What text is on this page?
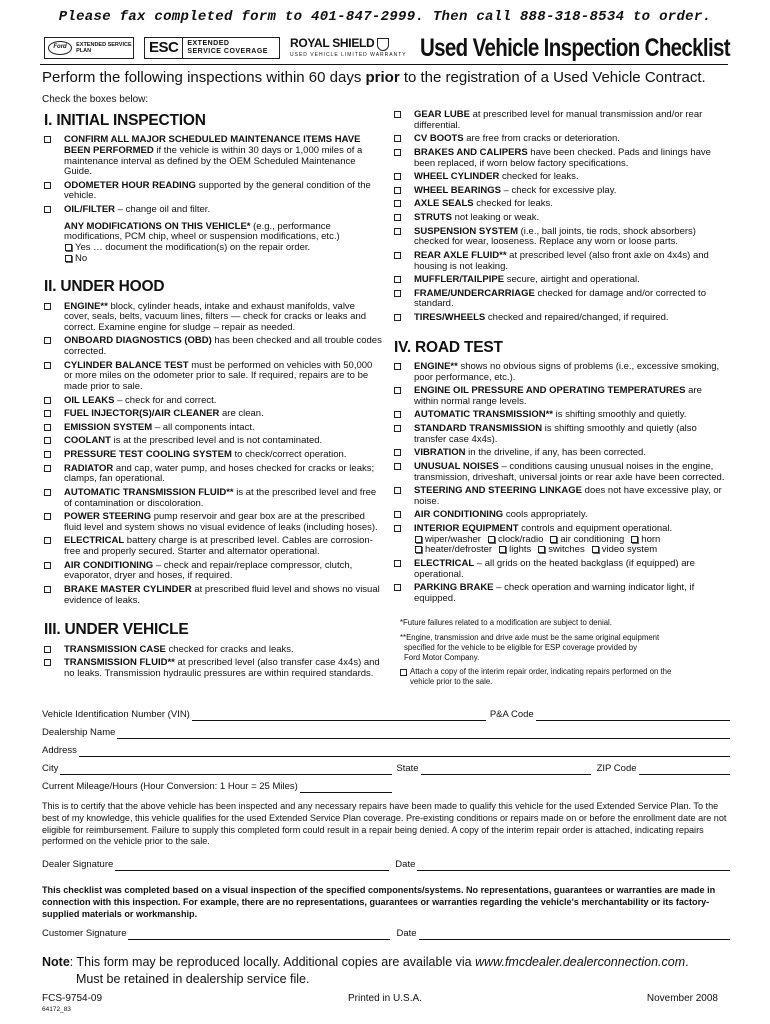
Please fax completed form to 401-847-2999. Then call 888-318-8534 to order.
Ford	EXTENDED SERVICE PLAN	ESC	EXTENDED
SERVICE COVERAGE
ROYAL SHIELD
USED VEHICLE LIMITED WARRANTY Used Vehicle Inspection Checklist
Perform the following inspections within 60 days prior to the registration of a Used Vehicle Contract.
Check the boxes below:
I. INITIAL INSPECTION
CONFIRM ALL MAJOR SCHEDULED MAINTENANCE ITEMS HAVE BEEN PERFORMED if the vehicle is within 30 days or 1,000 miles of a maintenance interval as defined by the OEM Scheduled Maintenance Guide.
ODOMETER HOUR READING supported by the general condition of the vehicle.
OIL/FILTER – change oil and filter.
ANY MODIFICATIONS ON THIS VEHICLE* (e.g., performance modifications, PCM chip, wheel or suspension modifications, etc.)
Yes … document the modification(s) on the repair order.
No
II. UNDER HOOD
ENGINE** block, cylinder heads, intake and exhaust manifolds, valve cover, seals, belts, vacuum lines, filters — check for cracks or leaks and correct. Examine engine for sludge – repair as needed.
ONBOARD DIAGNOSTICS (OBD) has been checked and all trouble codes corrected.
CYLINDER BALANCE TEST must be performed on vehicles with 50,000 or more miles on the odometer prior to sale. If required, repairs are to be made prior to sale.
OIL LEAKS – check for and correct.
FUEL INJECTOR(S)/AIR CLEANER are clean.
EMISSION SYSTEM – all components intact.
COOLANT is at the prescribed level and is not contaminated.
PRESSURE TEST COOLING SYSTEM to check/correct operation.
RADIATOR and cap, water pump, and hoses checked for cracks or leaks; clamps, fan operational.
AUTOMATIC TRANSMISSION FLUID** is at the prescribed level and free of contamination or discoloration.
POWER STEERING pump reservoir and gear box are at the prescribed fluid level and system shows no visual evidence of leaks (including hoses).
ELECTRICAL battery charge is at prescribed level. Cables are corrosion-free and properly secured. Starter and alternator operational.
AIR CONDITIONING – check and repair/replace compressor, clutch, evaporator, dryer and hoses, if required.
BRAKE MASTER CYLINDER at prescribed fluid level and shows no visual evidence of leaks.
III. UNDER VEHICLE
TRANSMISSION CASE checked for cracks and leaks.
TRANSMISSION FLUID** at prescribed level (also transfer case 4x4s) and no leaks. Transmission hydraulic pressures are within required standards.
GEAR LUBE at prescribed level for manual transmission and/or rear differential.
CV BOOTS are free from cracks or deterioration.
BRAKES AND CALIPERS have been checked. Pads and linings have been replaced, if worn below factory specifications.
WHEEL CYLINDER checked for leaks.
WHEEL BEARINGS – check for excessive play.
AXLE SEALS checked for leaks.
STRUTS not leaking or weak.
SUSPENSION SYSTEM (i.e., ball joints, tie rods, shock absorbers) checked for wear, looseness. Replace any worn or loose parts.
REAR AXLE FLUID** at prescribed level (also front axle on 4x4s) and housing is not leaking.
MUFFLER/TAILPIPE secure, airtight and operational.
FRAME/UNDERCARRIAGE checked for damage and/or corrected to standard.
TIRES/WHEELS checked and repaired/changed, if required.
IV. ROAD TEST
ENGINE** shows no obvious signs of problems (i.e., excessive smoking, poor performance, etc.).
ENGINE OIL PRESSURE AND OPERATING TEMPERATURES are within normal range levels.
AUTOMATIC TRANSMISSION** is shifting smoothly and quietly.
STANDARD TRANSMISSION is shifting smoothly and quietly (also transfer case 4x4s).
VIBRATION in the driveline, if any, has been corrected.
UNUSUAL NOISES – conditions causing unusual noises in the engine, transmission, driveshaft, universal joints or rear axle have been corrected.
STEERING AND STEERING LINKAGE does not have excessive play, or noise.
AIR CONDITIONING cools appropriately.
INTERIOR EQUIPMENT controls and equipment operational.
wiper/washer clock/radio air conditioning horn
heater/defroster lights switches video system
ELECTRICAL – all grids on the heated backglass (if equipped) are operational.
PARKING BRAKE – check operation and warning indicator light, if equipped.
*Future failures related to a modification are subject to denial.
**Engine, transmission and drive axle must be the same original equipment
specified for the vehicle to be eligible for ESP coverage provided by
Ford Motor Company.
Attach a copy of the interim repair order, indicating repairs performed on the
vehicle prior to the sale.
Vehicle Identification Number (VIN)	P&A Code
Dealership Name
Address
City	State	ZIP Code
Current Mileage/Hours (Hour Conversion: 1 Hour = 25 Miles)
This is to certify that the above vehicle has been inspected and any necessary repairs have been made to qualify this vehicle for the used Extended Service Plan. To the best of my knowledge, this vehicle qualifies for the used Extended Service Plan coverage. Pre-existing conditions or repairs made on or before the enrollment date are not eligible for reimbursement. Failure to supply this completed form could result in a repair being denied. A copy of the interim repair order is attached, indicating repairs performed on the vehicle prior to the sale.
Dealer Signature	Date
This checklist was completed based on a visual inspection of the specified components/systems. No representations, guarantees or warranties are made in connection with this inspection. For example, there are no representations, guarantees or warranties regarding the vehicle's merchantability or its factory-supplied materials or workmanship.
Customer Signature	Date
Note: This form may be reproduced locally. Additional copies are available via www.fmcdealer.dealerconnection.com.
Must be retained in dealership service file.
FCS-9754-09	Printed in U.S.A.	November 2008
64172_83
